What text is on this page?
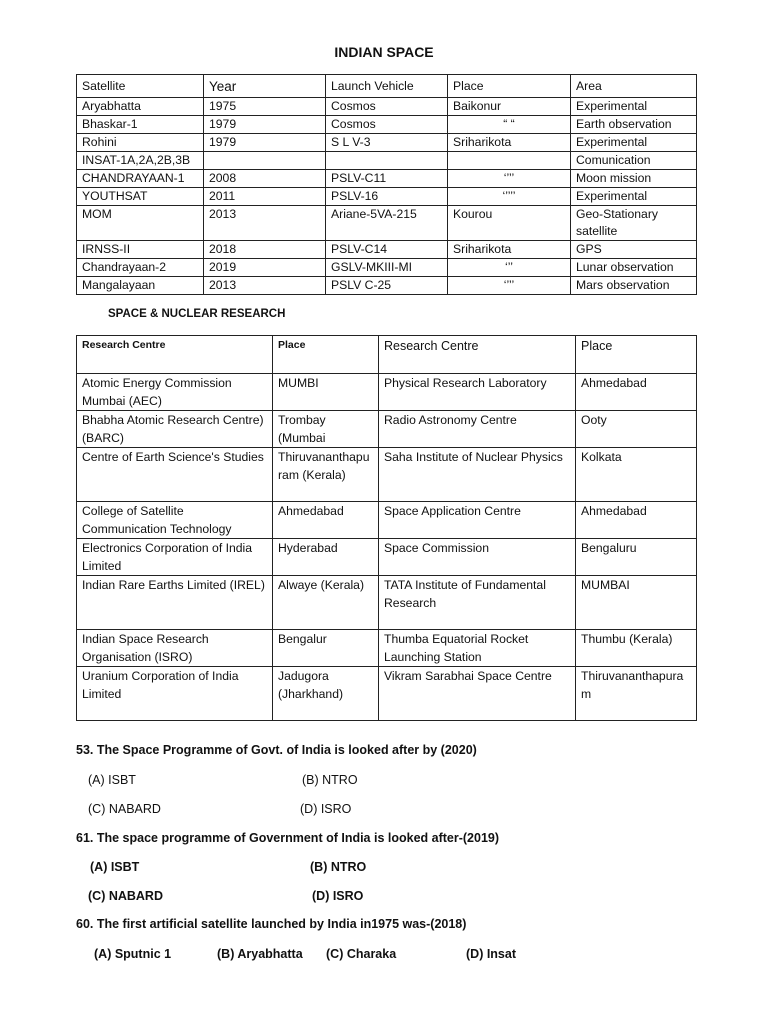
INDIAN SPACE
Satellite	Year	Launch Vehicle	Place	Area
Aryabhatta	1975	Cosmos	Baikonur	Experimental
Bhaskar-1	1979	Cosmos	“ “	Earth observation
Rohini	1979	S L V-3	Sriharikota	Experimental
INSAT-1A,2A,2B,3B				Comunication
CHANDRAYAAN-1	2008	PSLV-C11	‘’’’	Moon mission
YOUTHSAT	2011	PSLV-16	‘’’’’	Experimental
MOM	2013	Ariane-5VA-215	Kourou	Geo-Stationary satellite
IRNSS-II	2018	PSLV-C14	Sriharikota	GPS
Chandrayaan-2	2019	GSLV-MKIII-MI	‘’’	Lunar observation
Mangalayaan	2013	PSLV C-25	‘’’’	Mars observation
SPACE & NUCLEAR RESEARCH
Research Centre	Place	Research Centre	Place
Atomic Energy Commission Mumbai (AEC)	MUMBI	Physical Research Laboratory	Ahmedabad
Bhabha Atomic Research Centre) (BARC)	Trombay (Mumbai	Radio Astronomy Centre	Ooty
Centre of Earth Science's Studies	Thiruvananthapuram (Kerala)	Saha Institute of Nuclear Physics	Kolkata
College of Satellite Communication Technology	Ahmedabad	Space Application Centre	Ahmedabad
Electronics Corporation of India Limited	Hyderabad	Space Commission	Bengaluru
Indian Rare Earths Limited (IREL)	Alwaye (Kerala)	TATA Institute of Fundamental Research	MUMBAI
Indian Space Research Organisation (ISRO)	Bengalur	Thumba Equatorial Rocket Launching Station	Thumbu (Kerala)
Uranium Corporation of India Limited	Jadugora (Jharkhand)	Vikram Sarabhai Space Centre	Thiruvananthapuram
53. The Space Programme of Govt. of India is looked after by (2020)
(A) ISBT	(B) NTRO
(C) NABARD	(D) ISRO
61. The space programme of Government of India is looked after-(2019)
(A) ISBT	(B) NTRO
(C) NABARD	(D) ISRO
60. The first artificial satellite launched by India in1975 was-(2018)
(A) Sputnic 1	(B) Aryabhatta (C) Charaka	(D) Insat
